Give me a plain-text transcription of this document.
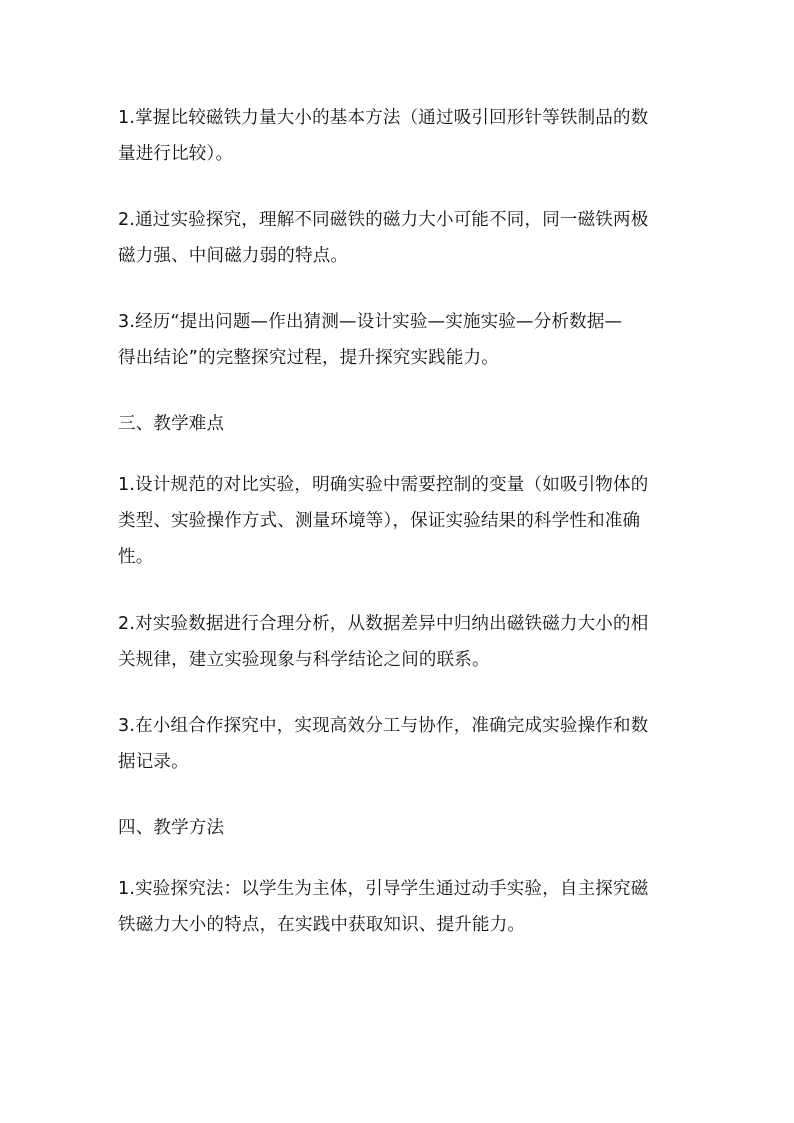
1.掌握比较磁铁力量大小的基本方法（通过吸引回形针等铁制品的数
量进行比较）。
2.通过实验探究，理解不同磁铁的磁力大小可能不同，同一磁铁两极
磁力强、中间磁力弱的特点。
3.经历“提出问题—作出猜测—设计实验—实施实验—分析数据—
得出结论”的完整探究过程，提升探究实践能力。
三、教学难点
1.设计规范的对比实验，明确实验中需要控制的变量（如吸引物体的
类型、实验操作方式、测量环境等），保证实验结果的科学性和准确
性。
2.对实验数据进行合理分析，从数据差异中归纳出磁铁磁力大小的相
关规律，建立实验现象与科学结论之间的联系。
3.在小组合作探究中，实现高效分工与协作，准确完成实验操作和数
据记录。
四、教学方法
1.实验探究法：以学生为主体，引导学生通过动手实验，自主探究磁
铁磁力大小的特点，在实践中获取知识、提升能力。
